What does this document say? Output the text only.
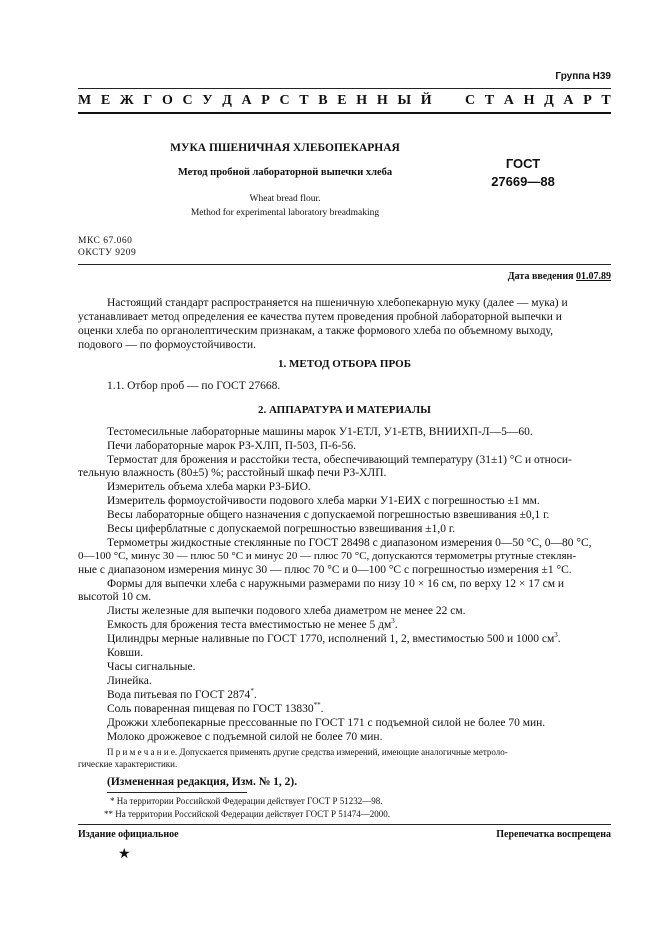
Группа Н39
М Е Ж Г О С У Д А Р С Т В Е Н Н Ы Й С Т А Н Д А Р Т
МУКА ПШЕНИЧНАЯ ХЛЕБОПЕКАРНАЯ
Метод пробной лабораторной выпечки хлеба
Wheat bread flour.
Method for experimental laboratory breadmaking
ГОСТ
27669—88
МКС 67.060
ОКСТУ 9209
Дата введения 01.07.89
Настоящий стандарт распространяется на пшеничную хлебопекарную муку (далее — мука) и
устанавливает метод определения ее качества путем проведения пробной лабораторной выпечки и
оценки хлеба по органолептическим признакам, а также формового хлеба по объемному выходу,
подового — по формоустойчивости.
1. МЕТОД ОТБОРА ПРОБ
1.1. Отбор проб — по ГОСТ 27668.
2. АППАРАТУРА И МАТЕРИАЛЫ
Тестомесильные лабораторные машины марок У1-ЕТЛ, У1-ЕТВ, ВНИИХП-Л—5—60.
Печи лабораторные марок РЗ-ХЛП, П-503, П-6-56.
Термостат для брожения и расстойки теста, обеспечивающий температуру (31±1) °С и относи-
тельную влажность (80±5) %; расстойный шкаф печи РЗ-ХЛП.
Измеритель объема хлеба марки РЗ-БИО.
Измеритель формоустойчивости подового хлеба марки У1-ЕИХ с погрешностью ±1 мм.
Весы лабораторные общего назначения с допускаемой погрешностью взвешивания ±0,1 г.
Весы циферблатные с допускаемой погрешностью взвешивания ±1,0 г.
Термометры жидкостные стеклянные по ГОСТ 28498 с диапазоном измерения 0—50 °С, 0—80 °С,
0—100 °С, минус 30 — плюс 50 °С и минус 20 — плюс 70 °С, допускаются термометры ртутные стеклян-
ные с диапазоном измерения минус 30 — плюс 70 °С и 0—100 °С с погрешностью измерения ±1 °С.
Формы для выпечки хлеба с наружными размерами по низу 10 × 16 см, по верху 12 × 17 см и
высотой 10 см.
Листы железные для выпечки подового хлеба диаметром не менее 22 см.
Емкость для брожения теста вместимостью не менее 5 $дм^3$.
Цилиндры мерные наливные по ГОСТ 1770, исполнений 1, 2, вместимостью 500 и 1000 $см^3$.
Ковши.
Часы сигнальные.
Линейка.
Вода питьевая по ГОСТ 2874*.
Соль поваренная пищевая по ГОСТ 13830**.
Дрожжи хлебопекарные прессованные по ГОСТ 171 с подъемной силой не более 70 мин.
Молоко дрожжевое с подъемной силой не более 70 мин.
П р и м е ч а н и е. Допускается применять другие средства измерений, имеющие аналогичные метроло-
гические характеристики.
(Измененная редакция, Изм. № 1, 2).
* На территории Российской Федерации действует ГОСТ Р 51232—98.
** На территории Российской Федерации действует ГОСТ Р 51474—2000.
Издание официальное	Перепечатка воспрещена
★
